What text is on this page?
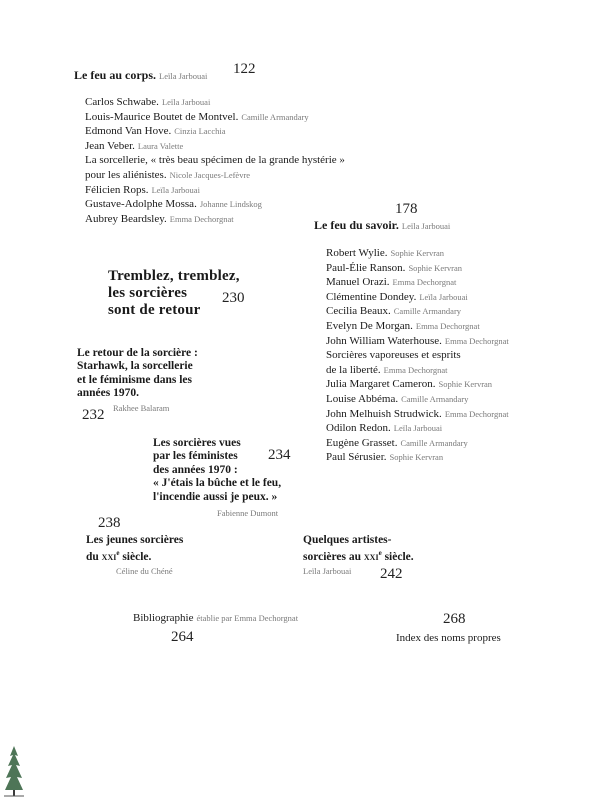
Le feu au corps. Leïla Jarbouai 122
Carlos Schwabe. Leïla Jarbouai
Louis-Maurice Boutet de Montvel. Camille Armandary
Edmond Van Hove. Cinzia Lacchia
Jean Veber. Laura Valette
La sorcellerie, « très beau spécimen de la grande hystérie »
pour les aliénistes. Nicole Jacques-Lefèvre
Félicien Rops. Leïla Jarbouai
Gustave-Adolphe Mossa. Johanne Lindskog
Aubrey Beardsley. Emma Dechorgnat
178
Le feu du savoir. Leïla Jarbouai
Robert Wylie. Sophie Kervran
Paul-Élie Ranson. Sophie Kervran
Manuel Orazi. Emma Dechorgnat
Clémentine Dondey. Leïla Jarbouai
Cecilia Beaux. Camille Armandary
Evelyn De Morgan. Emma Dechorgnat
John William Waterhouse. Emma Dechorgnat
Sorcières vaporeuses et esprits
de la liberté. Emma Dechorgnat
Julia Margaret Cameron. Sophie Kervran
Louise Abbéma. Camille Armandary
John Melhuish Strudwick. Emma Dechorgnat
Odilon Redon. Leïla Jarbouai
Eugène Grasset. Camille Armandary
Paul Sérusier. Sophie Kervran
Tremblez, tremblez,
les sorcières
sont de retour
230
Le retour de la sorcière :
Starhawk, la sorcellerie
et le féminisme dans les
années 1970.
Rakhee Balaram
232
Les sorcières vues
par les féministes
des années 1970 :
« J'étais la bûche et le feu,
l'incendie aussi je peux. »
234
Fabienne Dumont
238
Les jeunes sorcières
du xxi$^e$ siècle.
Céline du Chéné
Quelques artistes-
sorcières au xxi$^e$ siècle.
Leïla Jarbouai 242
Bibliographie établie par Emma Dechorgnat
264
268
Index des noms propres
